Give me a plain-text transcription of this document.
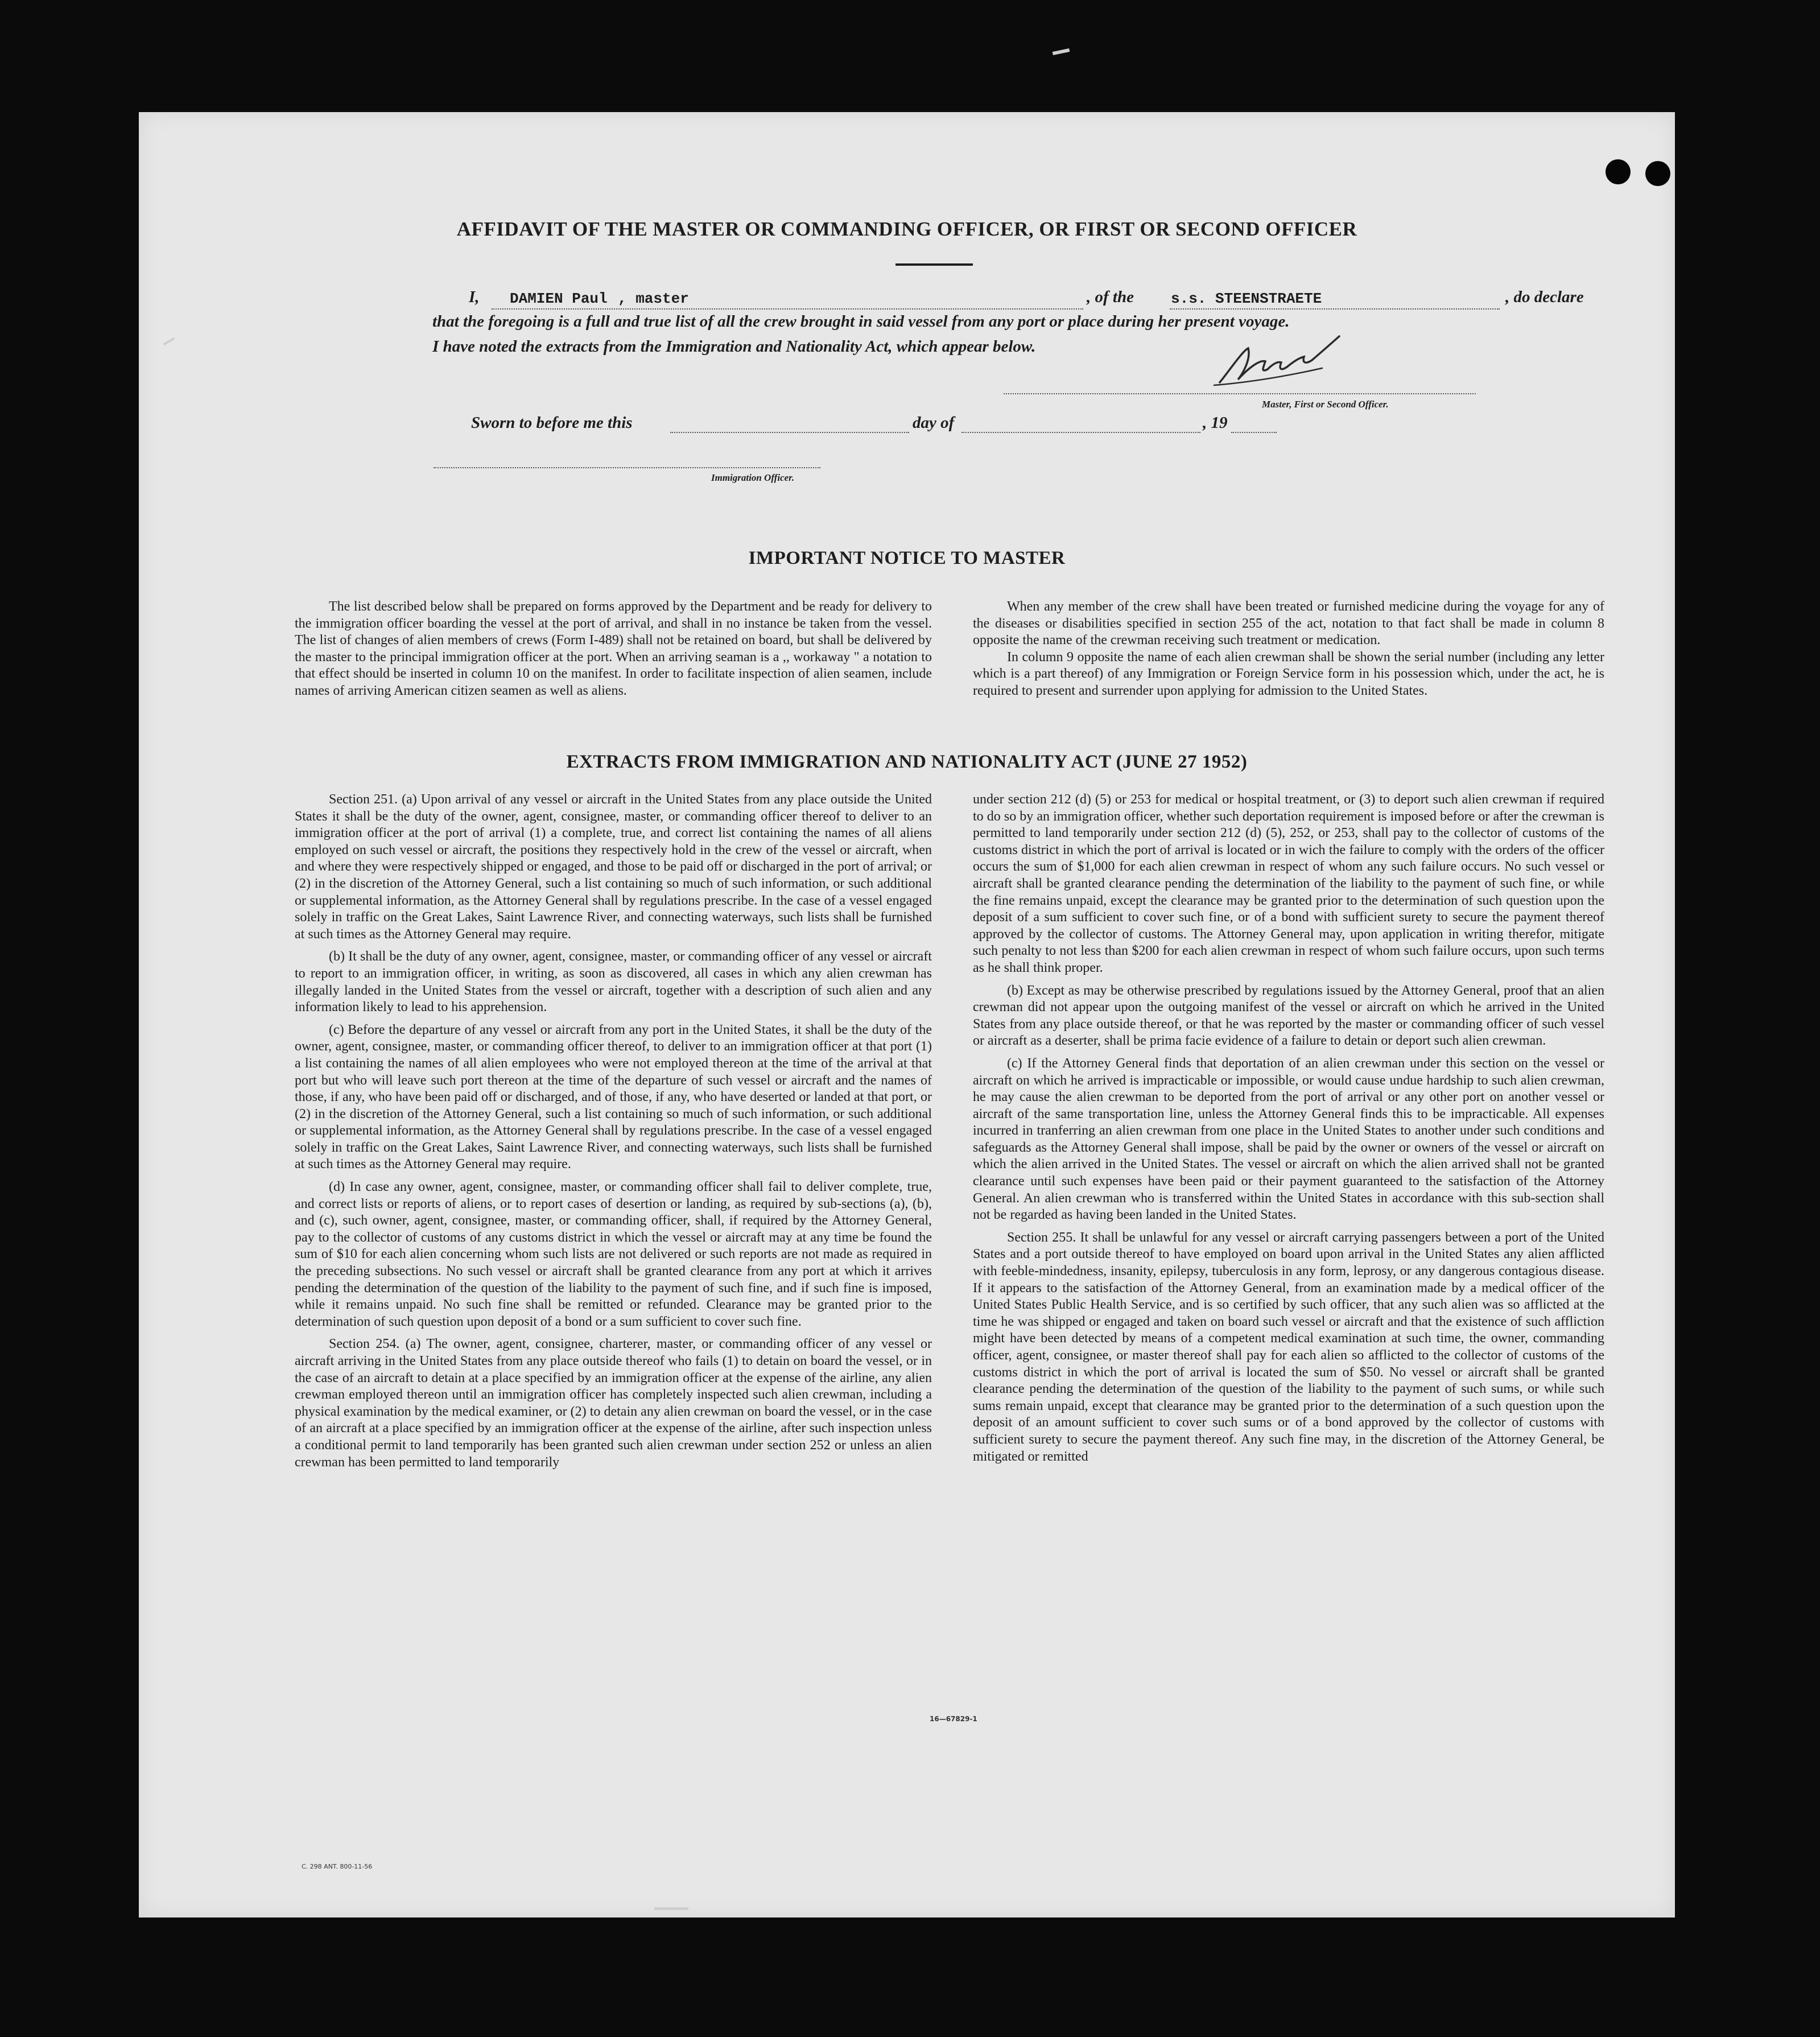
AFFIDAVIT OF THE MASTER OR COMMANDING OFFICER, OR FIRST OR SECOND OFFICER
I, DAMIEN Paul , master	, of the	s.s. STEENSTRAETE	, do declare
that the foregoing is a full and true list of all the crew brought in said vessel from any port or place during her present voyage.
I have noted the extracts from the Immigration and Nationality Act, which appear below.
Master, First or Second Officer.
Sworn to before me this	day of	, 19
Immigration Officer.
IMPORTANT NOTICE TO MASTER

The list described below shall be prepared on forms approved by the Department and be ready for delivery to the immigration officer boarding the vessel at the port of arrival, and shall in no instance be taken from the vessel. The list of changes of alien members of crews (Form I-489) shall not be retained on board, but shall be delivered by the master to the principal immigration officer at the port. When an arriving seaman is a ,, workaway " a notation to that effect should be inserted in column 10 on the manifest. In order to facilitate inspection of alien seamen, include names of arriving American citizen seamen as well as aliens.

When any member of the crew shall have been treated or furnished medicine during the voyage for any of the diseases or disabilities specified in section 255 of the act, notation to that fact shall be made in column 8 opposite the name of the crewman receiving such treatment or medication.

In column 9 opposite the name of each alien crewman shall be shown the serial number (including any letter which is a part thereof) of any Immigration or Foreign Service form in his possession which, under the act, he is required to present and surrender upon applying for admission to the United States.

EXTRACTS FROM IMMIGRATION AND NATIONALITY ACT (JUNE 27 1952)

Section 251. (a) Upon arrival of any vessel or aircraft in the United States from any place outside the United States it shall be the duty of the owner, agent, consignee, master, or commanding officer thereof to deliver to an immigration officer at the port of arrival (1) a complete, true, and correct list containing the names of all aliens employed on such vessel or aircraft, the positions they respectively hold in the crew of the vessel or aircraft, when and where they were respectively shipped or engaged, and those to be paid off or discharged in the port of arrival; or (2) in the discretion of the Attorney General, such a list containing so much of such information, or such additional or supplemental information, as the Attorney General shall by regulations prescribe. In the case of a vessel engaged solely in traffic on the Great Lakes, Saint Lawrence River, and connecting waterways, such lists shall be furnished at such times as the Attorney General may require.

(b) It shall be the duty of any owner, agent, consignee, master, or commanding officer of any vessel or aircraft to report to an immigration officer, in writing, as soon as discovered, all cases in which any alien crewman has illegally landed in the United States from the vessel or aircraft, together with a description of such alien and any information likely to lead to his apprehension.

(c) Before the departure of any vessel or aircraft from any port in the United States, it shall be the duty of the owner, agent, consignee, master, or commanding officer thereof, to deliver to an immigration officer at that port (1) a list containing the names of all alien employees who were not employed thereon at the time of the arrival at that port but who will leave such port thereon at the time of the departure of such vessel or aircraft and the names of those, if any, who have been paid off or discharged, and of those, if any, who have deserted or landed at that port, or (2) in the discretion of the Attorney General, such a list containing so much of such information, or such additional or supplemental information, as the Attorney General shall by regulations prescribe. In the case of a vessel engaged solely in traffic on the Great Lakes, Saint Lawrence River, and connecting waterways, such lists shall be furnished at such times as the Attorney General may require.

(d) In case any owner, agent, consignee, master, or commanding officer shall fail to deliver complete, true, and correct lists or reports of aliens, or to report cases of desertion or landing, as required by sub-sections (a), (b), and (c), such owner, agent, consignee, master, or commanding officer, shall, if required by the Attorney General, pay to the collector of customs of any customs district in which the vessel or aircraft may at any time be found the sum of $10 for each alien concerning whom such lists are not delivered or such reports are not made as required in the preceding subsections. No such vessel or aircraft shall be granted clearance from any port at which it arrives pending the determination of the question of the liability to the payment of such fine, and if such fine is imposed, while it remains unpaid. No such fine shall be remitted or refunded. Clearance may be granted prior to the determination of such question upon deposit of a bond or a sum sufficient to cover such fine.

Section 254. (a) The owner, agent, consignee, charterer, master, or commanding officer of any vessel or aircraft arriving in the United States from any place outside thereof who fails (1) to detain on board the vessel, or in the case of an aircraft to detain at a place specified by an immigration officer at the expense of the airline, any alien crewman employed thereon until an immigration officer has completely inspected such alien crewman, including a physical examination by the medical examiner, or (2) to detain any alien crewman on board the vessel, or in the case of an aircraft at a place specified by an immigration officer at the expense of the airline, after such inspection unless a conditional permit to land temporarily has been granted such alien crewman under section 252 or unless an alien crewman has been permitted to land temporarily

under section 212 (d) (5) or 253 for medical or hospital treatment, or (3) to deport such alien crewman if required to do so by an immigration officer, whether such deportation requirement is imposed before or after the crewman is permitted to land temporarily under section 212 (d) (5), 252, or 253, shall pay to the collector of customs of the customs district in which the port of arrival is located or in wich the failure to comply with the orders of the officer occurs the sum of $1,000 for each alien crewman in respect of whom any such failure occurs. No such vessel or aircraft shall be granted clearance pending the determination of the liability to the payment of such fine, or while the fine remains unpaid, except the clearance may be granted prior to the determination of such question upon the deposit of a sum sufficient to cover such fine, or of a bond with sufficient surety to secure the payment thereof approved by the collector of customs. The Attorney General may, upon application in writing therefor, mitigate such penalty to not less than $200 for each alien crewman in respect of whom such failure occurs, upon such terms as he shall think proper.

(b) Except as may be otherwise prescribed by regulations issued by the Attorney General, proof that an alien crewman did not appear upon the outgoing manifest of the vessel or aircraft on which he arrived in the United States from any place outside thereof, or that he was reported by the master or commanding officer of such vessel or aircraft as a deserter, shall be prima facie evidence of a failure to detain or deport such alien crewman.

(c) If the Attorney General finds that deportation of an alien crewman under this section on the vessel or aircraft on which he arrived is impracticable or impossible, or would cause undue hardship to such alien crewman, he may cause the alien crewman to be deported from the port of arrival or any other port on another vessel or aircraft of the same transportation line, unless the Attorney General finds this to be impracticable. All expenses incurred in tranferring an alien crewman from one place in the United States to another under such conditions and safeguards as the Attorney General shall impose, shall be paid by the owner or owners of the vessel or aircraft on which the alien arrived in the United States. The vessel or aircraft on which the alien arrived shall not be granted clearance until such expenses have been paid or their payment guaranteed to the satisfaction of the Attorney General. An alien crewman who is transferred within the United States in accordance with this sub-section shall not be regarded as having been landed in the United States.

Section 255. It shall be unlawful for any vessel or aircraft carrying passengers between a port of the United States and a port outside thereof to have employed on board upon arrival in the United States any alien afflicted with feeble-mindedness, insanity, epilepsy, tuberculosis in any form, leprosy, or any dangerous contagious disease. If it appears to the satisfaction of the Attorney General, from an examination made by a medical officer of the United States Public Health Service, and is so certified by such officer, that any such alien was so afflicted at the time he was shipped or engaged and taken on board such vessel or aircraft and that the existence of such affliction might have been detected by means of a competent medical examination at such time, the owner, commanding officer, agent, consignee, or master thereof shall pay for each alien so afflicted to the collector of customs of the customs district in which the port of arrival is located the sum of $50. No vessel or aircraft shall be granted clearance pending the determination of the question of the liability to the payment of such sums, or while such sums remain unpaid, except that clearance may be granted prior to the determination of a such question upon the deposit of an amount sufficient to cover such sums or of a bond approved by the collector of customs with sufficient surety to secure the payment thereof. Any such fine may, in the discretion of the Attorney General, be mitigated or remitted

16—67829-1
C. 298 ANT. 800-11-56
